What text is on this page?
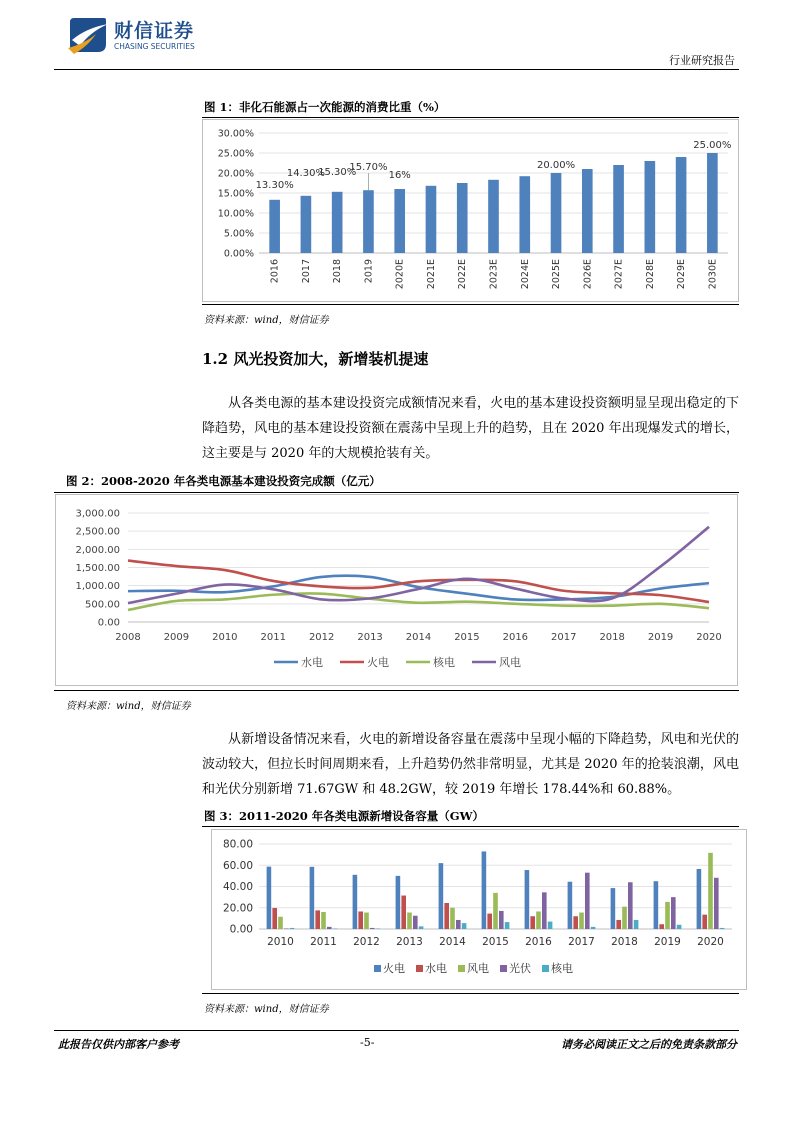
财信证券
CHASING SECURITIES
行业研究报告
图 1：非化石能源占一次能源的消费比重（%）
0.00%
5.00%
10.00%
15.00%
20.00%
25.00%
30.00%
13.30%
2016
14.30%
2017
15.30%
2018
15.70%
2019
16%
2020E 2021E 2022E 2023E 2024E
20.00%
2025E 2026E 2027E 2028E 2029E
25.00%
2030E
资料来源：wind，财信证券
1.2 风光投资加大，新增装机提速
从各类电源的基本建设投资完成额情况来看，火电的基本建设投资额明显呈现出稳定的下降趋势，风电的基本建设投资额在震荡中呈现上升的趋势，且在 2020 年出现爆发式的增长，这主要是与 2020 年的大规模抢装有关。
图 2：2008-2020 年各类电源基本建设投资完成额（亿元）
0.00
500.00
1,000.00
1,500.00
2,000.00
2,500.00
3,000.00
2008 2009 2010 2011 2012 2013 2014 2015 2016 2017 2018 2019 2020
水电	火电	核电	风电
资料来源：wind，财信证券
从新增设备情况来看，火电的新增设备容量在震荡中呈现小幅的下降趋势，风电和光伏的波动较大，但拉长时间周期来看，上升趋势仍然非常明显，尤其是 2020 年的抢装浪潮，风电和光伏分别新增 71.67GW 和 48.2GW，较 2019 年增长 178.44%和 60.88%。
图 3：2011-2020 年各类电源新增设备容量（GW）
0.00
20.00
40.00
60.00
80.00
2010 2011 2012 2013 2014 2015 2016 2017 2018 2019 2020
火电 水电 风电 光伏 核电
资料来源：wind，财信证券
此报告仅供内部客户参考	-5-	请务必阅读正文之后的免责条款部分
